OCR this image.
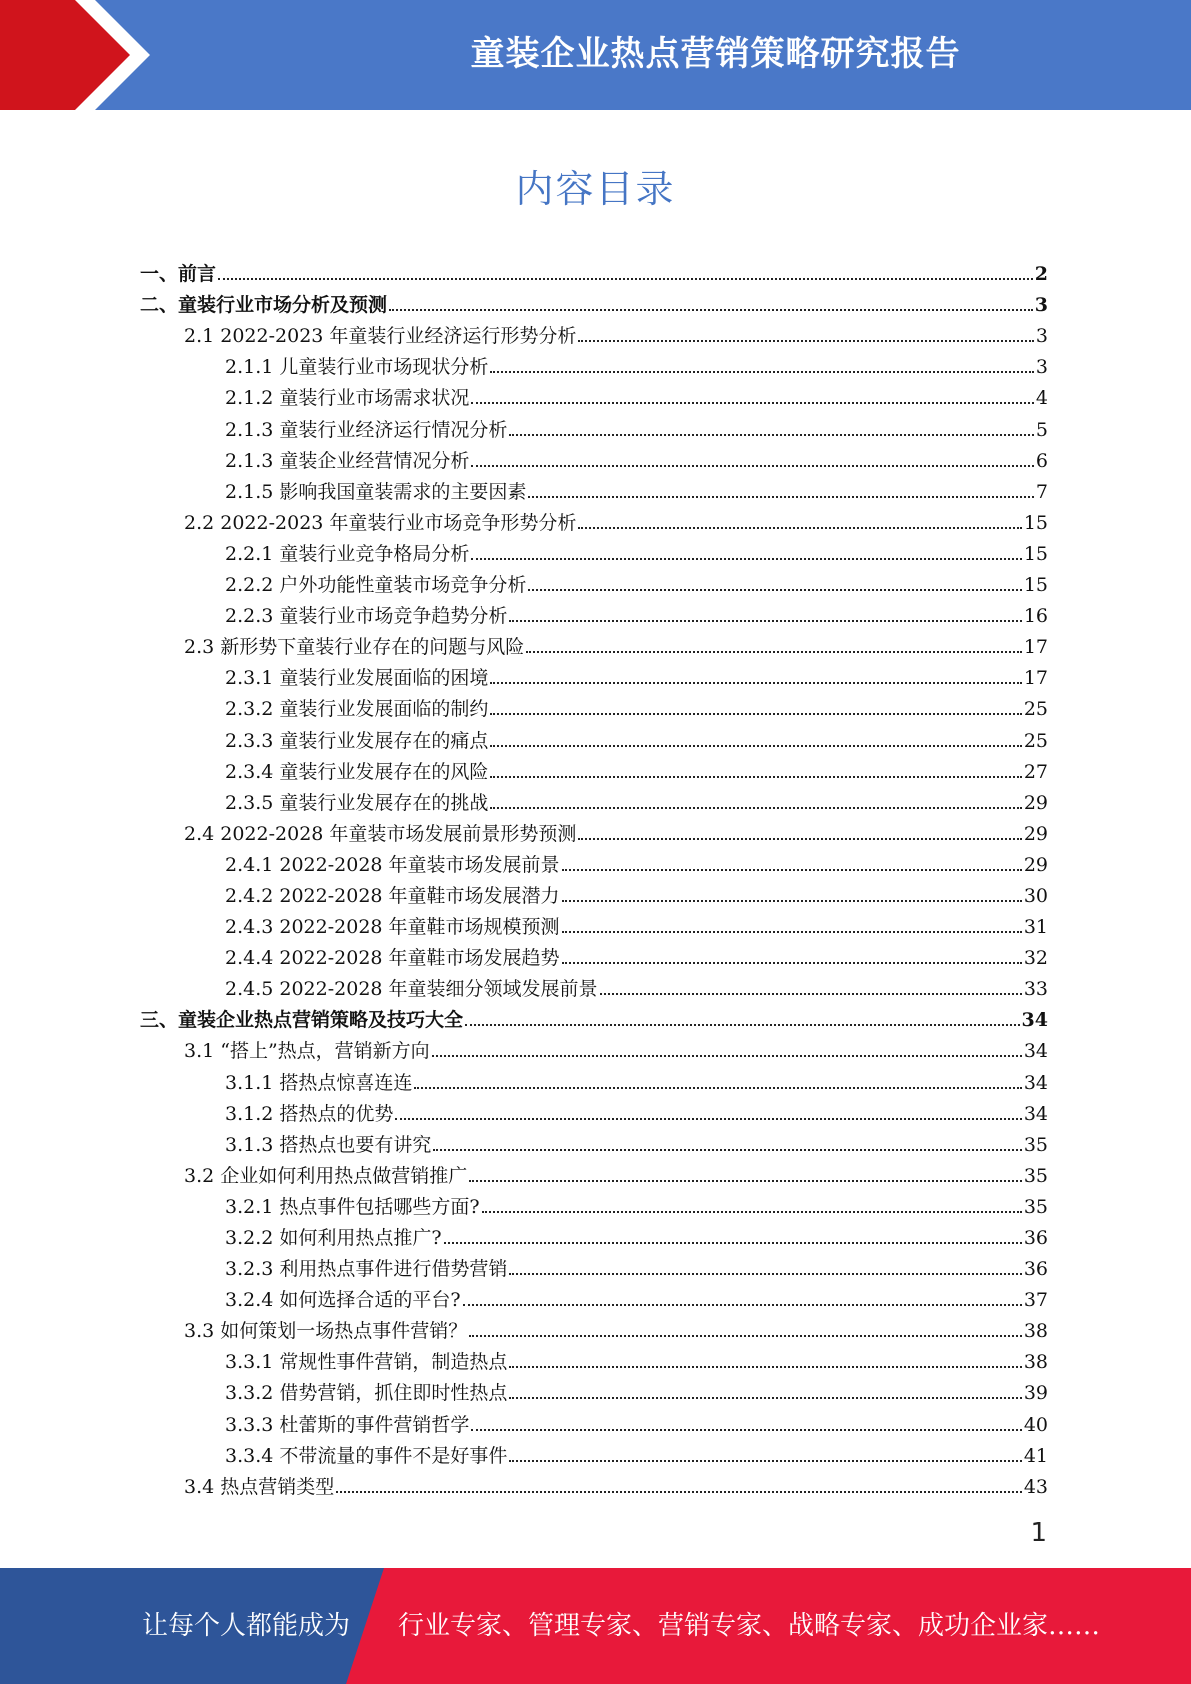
童装企业热点营销策略研究报告
内容目录
一、前言	2
二、童装行业市场分析及预测	3
2.1 2022-2023 年童装行业经济运行形势分析	3
2.1.1 儿童装行业市场现状分析	3
2.1.2 童装行业市场需求状况	4
2.1.3 童装行业经济运行情况分析	5
2.1.3 童装企业经营情况分析	6
2.1.5 影响我国童装需求的主要因素	7
2.2 2022-2023 年童装行业市场竞争形势分析	15
2.2.1 童装行业竞争格局分析	15
2.2.2 户外功能性童装市场竞争分析	15
2.2.3 童装行业市场竞争趋势分析	16
2.3 新形势下童装行业存在的问题与风险	17
2.3.1 童装行业发展面临的困境	17
2.3.2 童装行业发展面临的制约	25
2.3.3 童装行业发展存在的痛点	25
2.3.4 童装行业发展存在的风险	27
2.3.5 童装行业发展存在的挑战	29
2.4 2022-2028 年童装市场发展前景形势预测	29
2.4.1 2022-2028 年童装市场发展前景	29
2.4.2 2022-2028 年童鞋市场发展潜力	30
2.4.3 2022-2028 年童鞋市场规模预测	31
2.4.4 2022-2028 年童鞋市场发展趋势	32
2.4.5 2022-2028 年童装细分领域发展前景	33
三、童装企业热点营销策略及技巧大全	34
3.1 “搭上”热点，营销新方向	34
3.1.1 搭热点惊喜连连	34
3.1.2 搭热点的优势	34
3.1.3 搭热点也要有讲究	35
3.2 企业如何利用热点做营销推广	35
3.2.1 热点事件包括哪些方面?	35
3.2.2 如何利用热点推广?	36
3.2.3 利用热点事件进行借势营销	36
3.2.4 如何选择合适的平台?	37
3.3 如何策划一场热点事件营销？	38
3.3.1 常规性事件营销，制造热点	38
3.3.2 借势营销，抓住即时性热点	39
3.3.3 杜蕾斯的事件营销哲学	40
3.3.4 不带流量的事件不是好事件	41
3.4 热点营销类型	43
1
让每个人都能成为 行业专家、管理专家、营销专家、战略专家、成功企业家……
